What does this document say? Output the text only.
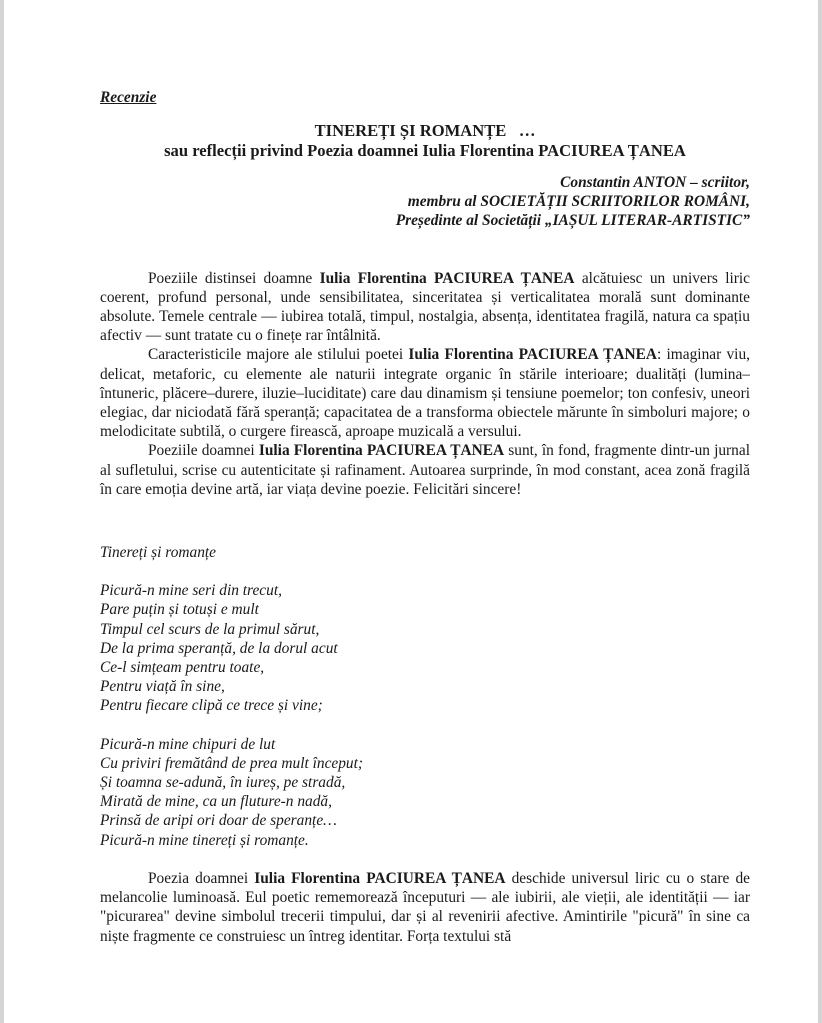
Recenzie
TINEREȚI ȘI ROMANȚE   …
sau reflecții privind Poezia doamnei Iulia Florentina PACIUREA ȚANEA
Constantin ANTON – scriitor,
membru al SOCIETĂȚII SCRIITORILOR ROMÂNI,
Președinte al Societății „IAȘUL LITERAR-ARTISTIC”

Poeziile distinsei doamne Iulia Florentina PACIUREA ȚANEA alcătuiesc un univers liric coerent, profund personal, unde sensibilitatea, sinceritatea și verticalitatea morală sunt dominante absolute. Temele centrale — iubirea totală, timpul, nostalgia, absența, identitatea fragilă, natura ca spațiu afectiv — sunt tratate cu o finețe rar întâlnită.

Caracteristicile majore ale stilului poetei Iulia Florentina PACIUREA ȚANEA: imaginar viu, delicat, metaforic, cu elemente ale naturii integrate organic în stările interioare; dualități (lumina–întuneric, plăcere–durere, iluzie–luciditate) care dau dinamism și tensiune poemelor; ton confesiv, uneori elegiac, dar niciodată fără speranță; capacitatea de a transforma obiectele mărunte în simboluri majore; o melodicitate subtilă, o curgere firească, aproape muzicală a versului.

Poeziile doamnei Iulia Florentina PACIUREA ȚANEA sunt, în fond, fragmente dintr-un jurnal al sufletului, scrise cu autenticitate și rafinament. Autoarea surprinde, în mod constant, acea zonă fragilă în care emoția devine artă, iar viața devine poezie. Felicitări sincere!

Tinereți și romanțe
Picură-n mine seri din trecut,
Pare puțin și totuși e mult
Timpul cel scurs de la primul sărut,
De la prima speranță, de la dorul acut
Ce-l simțeam pentru toate,
Pentru viață în sine,
Pentru fiecare clipă ce trece și vine;
Picură-n mine chipuri de lut
Cu priviri fremătând de prea mult început;
Și toamna se-adună, în iureș, pe stradă,
Mirată de mine, ca un fluture-n nadă,
Prinsă de aripi ori doar de speranțe…
Picură-n mine tinereți și romanțe.

Poezia doamnei Iulia Florentina PACIUREA ȚANEA deschide universul liric cu o stare de melancolie luminoasă. Eul poetic rememorează începuturi — ale iubirii, ale vieții, ale identității — iar "picurarea" devine simbolul trecerii timpului, dar și al revenirii afective. Amintirile "picură" în sine ca niște fragmente ce construiesc un întreg identitar. Forța textului stă
